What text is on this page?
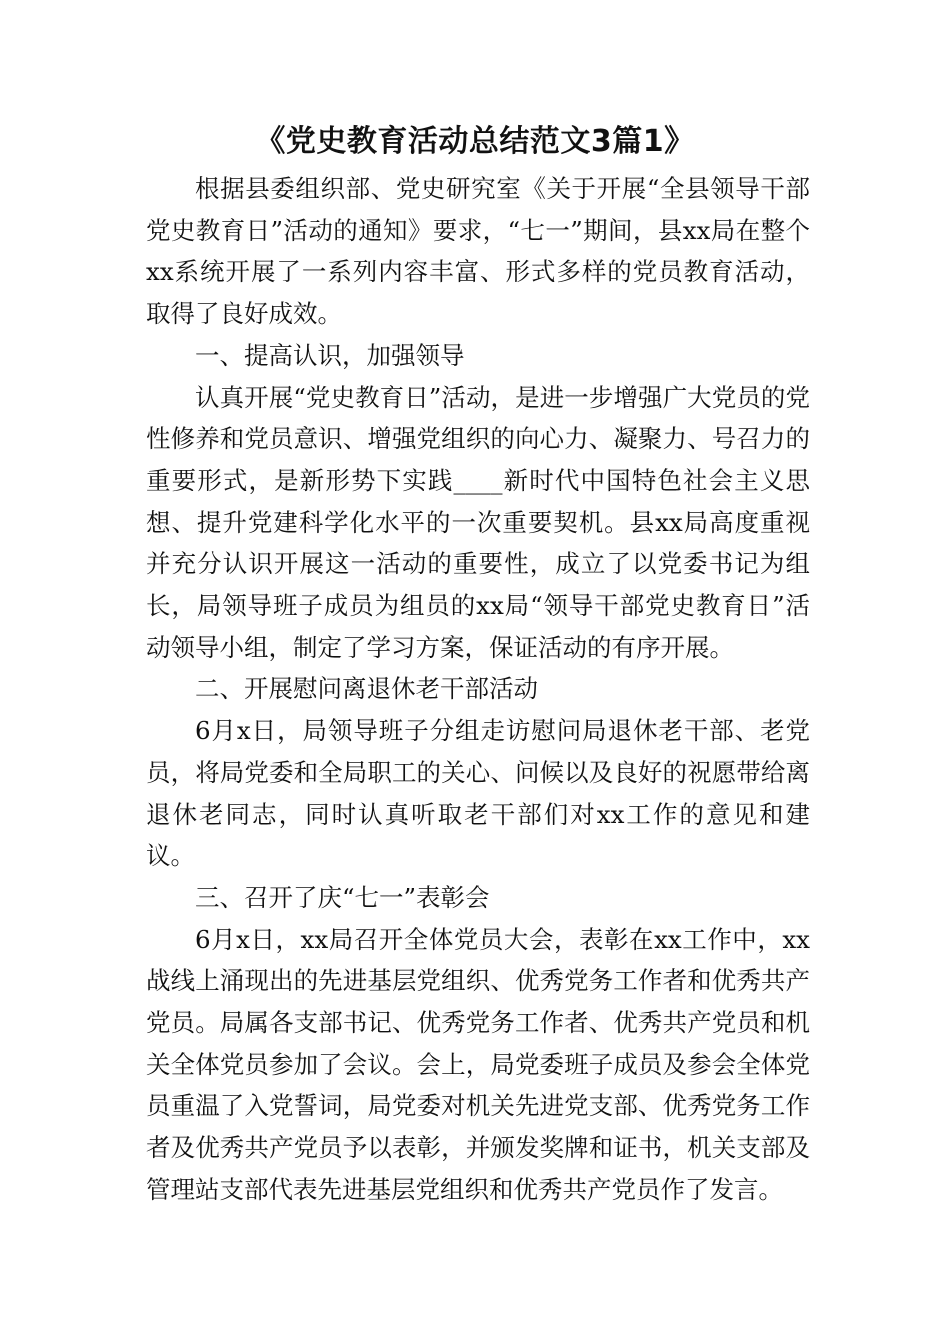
《党史教育活动总结范文3篇1》

根据县委组织部、党史研究室《关于开展“全县领导干部党史教育日”活动的通知》要求，“七一”期间，县xx局在整个xx系统开展了一系列内容丰富、形式多样的党员教育活动，取得了良好成效。

一、提高认识，加强领导

认真开展“党史教育日”活动，是进一步增强广大党员的党性修养和党员意识、增强党组织的向心力、凝聚力、号召力的重要形式，是新形势下实践____新时代中国特色社会主义思想、提升党建科学化水平的一次重要契机。县xx局高度重视并充分认识开展这一活动的重要性，成立了以党委书记为组长，局领导班子成员为组员的xx局“领导干部党史教育日”活动领导小组，制定了学习方案，保证活动的有序开展。

二、开展慰问离退休老干部活动

6月x日，局领导班子分组走访慰问局退休老干部、老党员，将局党委和全局职工的关心、问候以及良好的祝愿带给离退休老同志，同时认真听取老干部们对xx工作的意见和建议。

三、召开了庆“七一”表彰会

6月x日，xx局召开全体党员大会，表彰在xx工作中，xx战线上涌现出的先进基层党组织、优秀党务工作者和优秀共产党员。局属各支部书记、优秀党务工作者、优秀共产党员和机关全体党员参加了会议。会上，局党委班子成员及参会全体党员重温了入党誓词，局党委对机关先进党支部、优秀党务工作者及优秀共产党员予以表彰，并颁发奖牌和证书，机关支部及管理站支部代表先进基层党组织和优秀共产党员作了发言。
